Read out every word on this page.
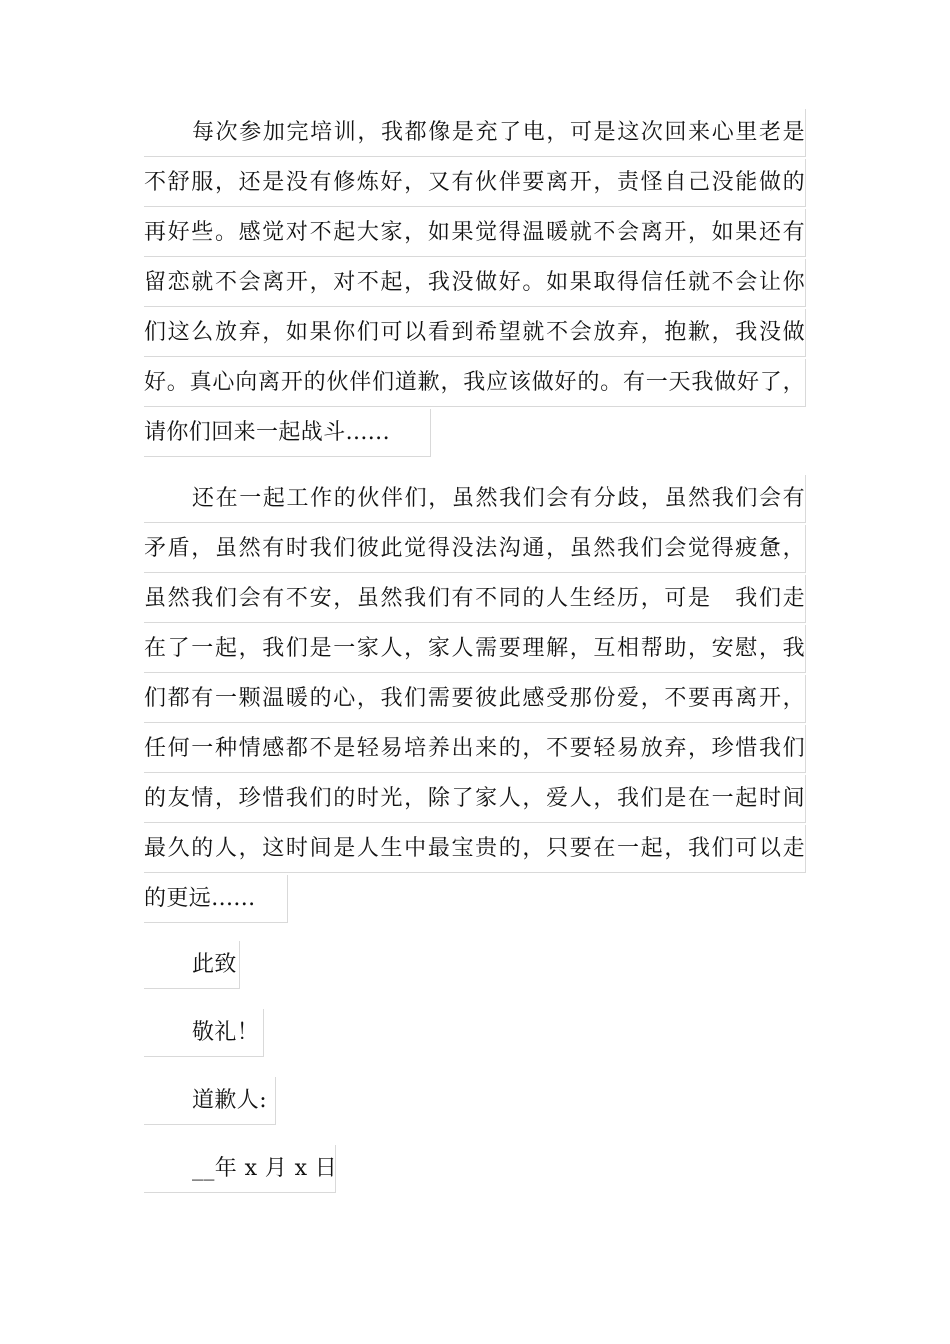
每次参加完培训，我都像是充了电，可是这次回来心里老是
不舒服，还是没有修炼好，又有伙伴要离开，责怪自己没能做的
再好些。感觉对不起大家，如果觉得温暖就不会离开，如果还有
留恋就不会离开，对不起，我没做好。如果取得信任就不会让你
们这么放弃，如果你们可以看到希望就不会放弃，抱歉，我没做
好。真心向离开的伙伴们道歉，我应该做好的。有一天我做好了，
请你们回来一起战斗......
还在一起工作的伙伴们，虽然我们会有分歧，虽然我们会有
矛盾，虽然有时我们彼此觉得没法沟通，虽然我们会觉得疲惫，
虽然我们会有不安，虽然我们有不同的人生经历，可是　我们走
在了一起，我们是一家人，家人需要理解，互相帮助，安慰，我
们都有一颗温暖的心，我们需要彼此感受那份爱，不要再离开，
任何一种情感都不是轻易培养出来的，不要轻易放弃，珍惜我们
的友情，珍惜我们的时光，除了家人，爱人，我们是在一起时间
最久的人，这时间是人生中最宝贵的，只要在一起，我们可以走
的更远......
此致
敬礼！
道歉人:
__年 x 月 x 日
